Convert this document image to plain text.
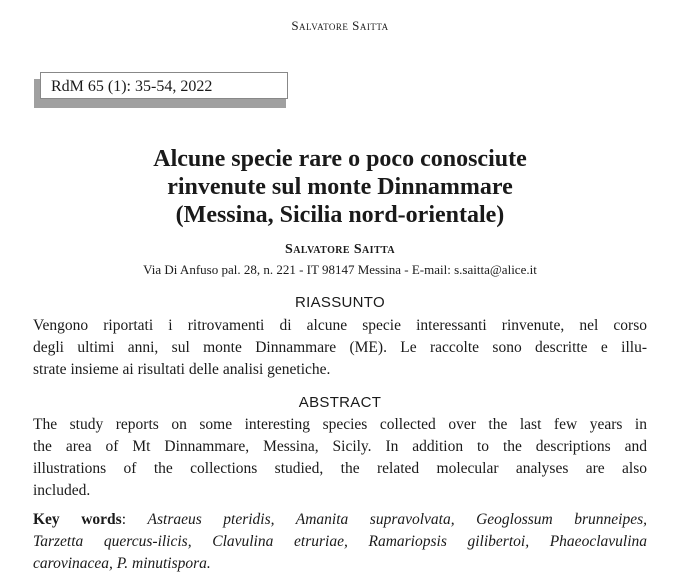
Salvatore Saitta
RdM 65 (1): 35-54, 2022
Alcune specie rare o poco conosciute
rinvenute sul monte Dinnammare
(Messina, Sicilia nord-orientale)
Salvatore Saitta
Via Di Anfuso pal. 28, n. 221 - IT 98147 Messina - E-mail: s.saitta@alice.it
RIASSUNTO
Vengono riportati i ritrovamenti di alcune specie interessanti rinvenute, nel corso
degli ultimi anni, sul monte Dinnammare (ME). Le raccolte sono descritte e illu-
strate insieme ai risultati delle analisi genetiche.
ABSTRACT
The study reports on some interesting species collected over the last few years in
the area of Mt Dinnammare, Messina, Sicily. In addition to the descriptions and
illustrations of the collections studied, the related molecular analyses are also
included.
Key words: Astraeus pteridis, Amanita supravolvata, Geoglossum brunneipes,
Tarzetta quercus-ilicis, Clavulina etruriae, Ramariopsis gilibertoi, Phaeoclavulina
carovinacea, P. minutispora.
